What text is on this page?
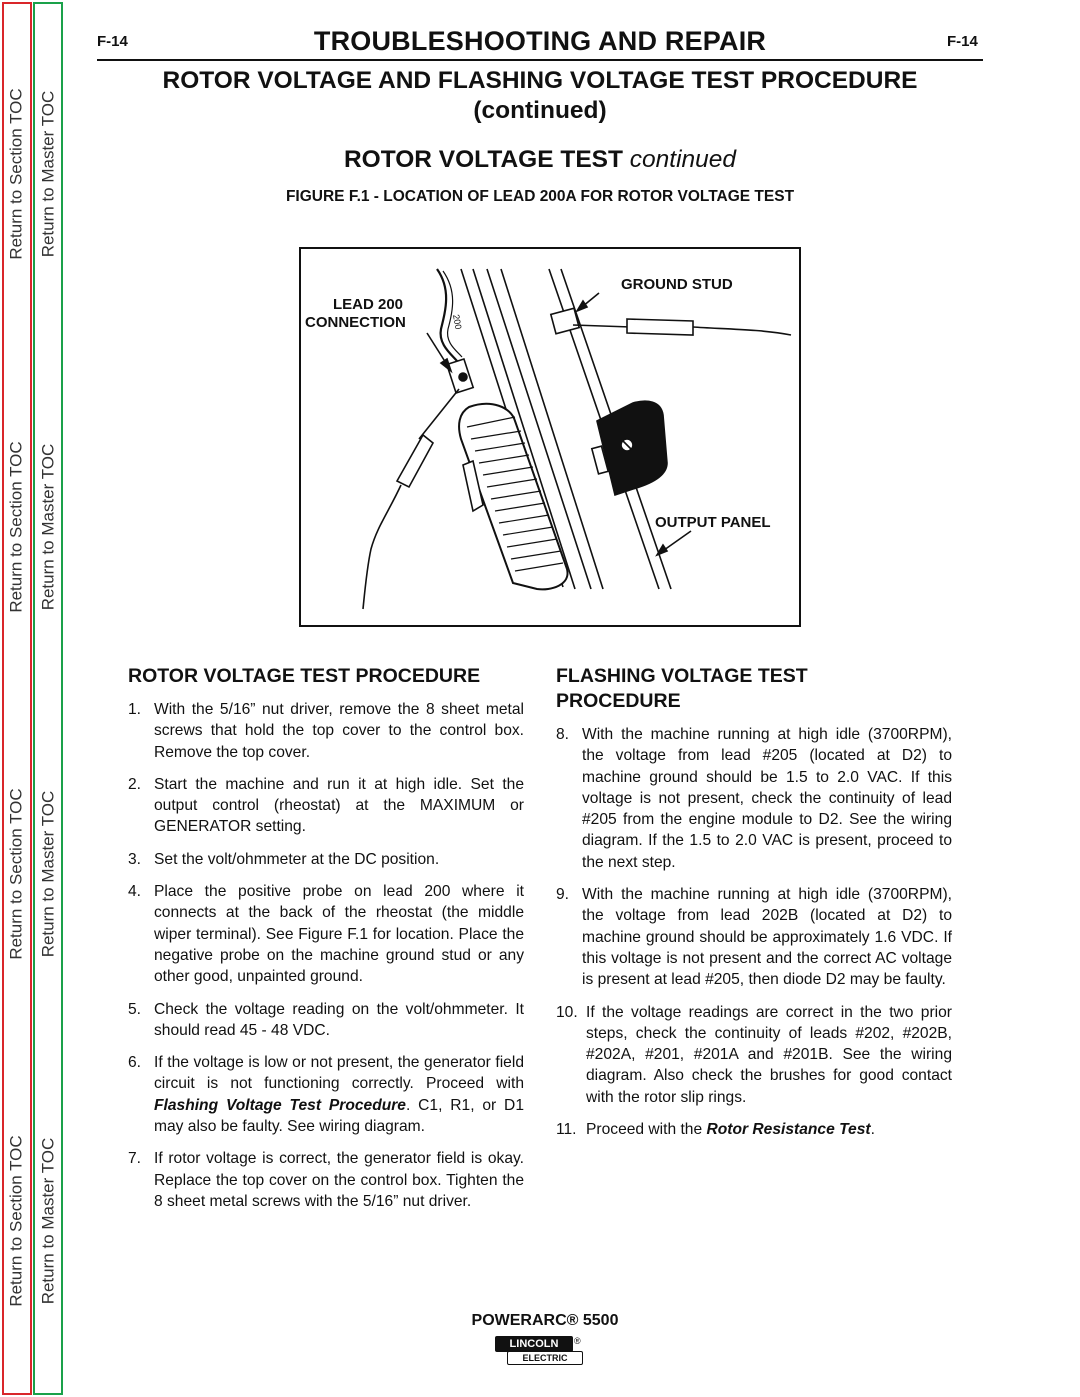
Return to Section TOC
Return to Section TOC
Return to Section TOC
Return to Section TOC
Return to Master TOC
Return to Master TOC
Return to Master TOC
Return to Master TOC
F-14	TROUBLESHOOTING AND REPAIR	F-14
ROTOR VOLTAGE AND FLASHING VOLTAGE TEST PROCEDURE
(continued)
ROTOR VOLTAGE TEST continued
FIGURE F.1 - LOCATION OF LEAD 200A FOR ROTOR VOLTAGE TEST
200
LEAD 200
CONNECTION
GROUND STUD
OUTPUT PANEL
ROTOR VOLTAGE TEST PROCEDURE
1. With the 5/16” nut driver, remove the 8 sheet metal screws that hold the top cover to the control box. Remove the top cover.
2. Start the machine and run it at high idle. Set the output control (rheostat) at the MAXIMUM or GENERATOR setting.
3. Set the volt/ohmmeter at the DC position.
4. Place the positive probe on lead 200 where it connects at the back of the rheostat (the middle wiper terminal). See Figure F.1 for location. Place the negative probe on the machine ground stud or any other good, unpainted ground.
5. Check the voltage reading on the volt/ohmmeter. It should read 45 - 48 VDC.
6. If the voltage is low or not present, the generator field circuit is not functioning correctly. Proceed with Flashing Voltage Test Procedure. C1, R1, or D1 may also be faulty. See wiring diagram.
7. If rotor voltage is correct, the generator field is okay. Replace the top cover on the control box. Tighten the 8 sheet metal screws with the 5/16” nut driver.
FLASHING VOLTAGE TEST
PROCEDURE
8. With the machine running at high idle (3700RPM), the voltage from lead #205 (located at D2) to machine ground should be 1.5 to 2.0 VAC. If this voltage is not present, check the continuity of lead #205 from the engine module to D2. See the wiring diagram. If the 1.5 to 2.0 VAC is present, proceed to the next step.
9. With the machine running at high idle (3700RPM), the voltage from lead 202B (located at D2) to machine ground should be approximately 1.6 VDC. If this voltage is not present and the correct AC voltage is present at lead #205, then diode D2 may be faulty.
10. If the voltage readings are correct in the two prior steps, check the continuity of leads #202, #202B, #202A, #201, #201A and #201B. See the wiring diagram. Also check the brushes for good contact with the rotor slip rings.
11. Proceed with the Rotor Resistance Test.
POWERARC® 5500
LINCOLN	®
ELECTRIC
